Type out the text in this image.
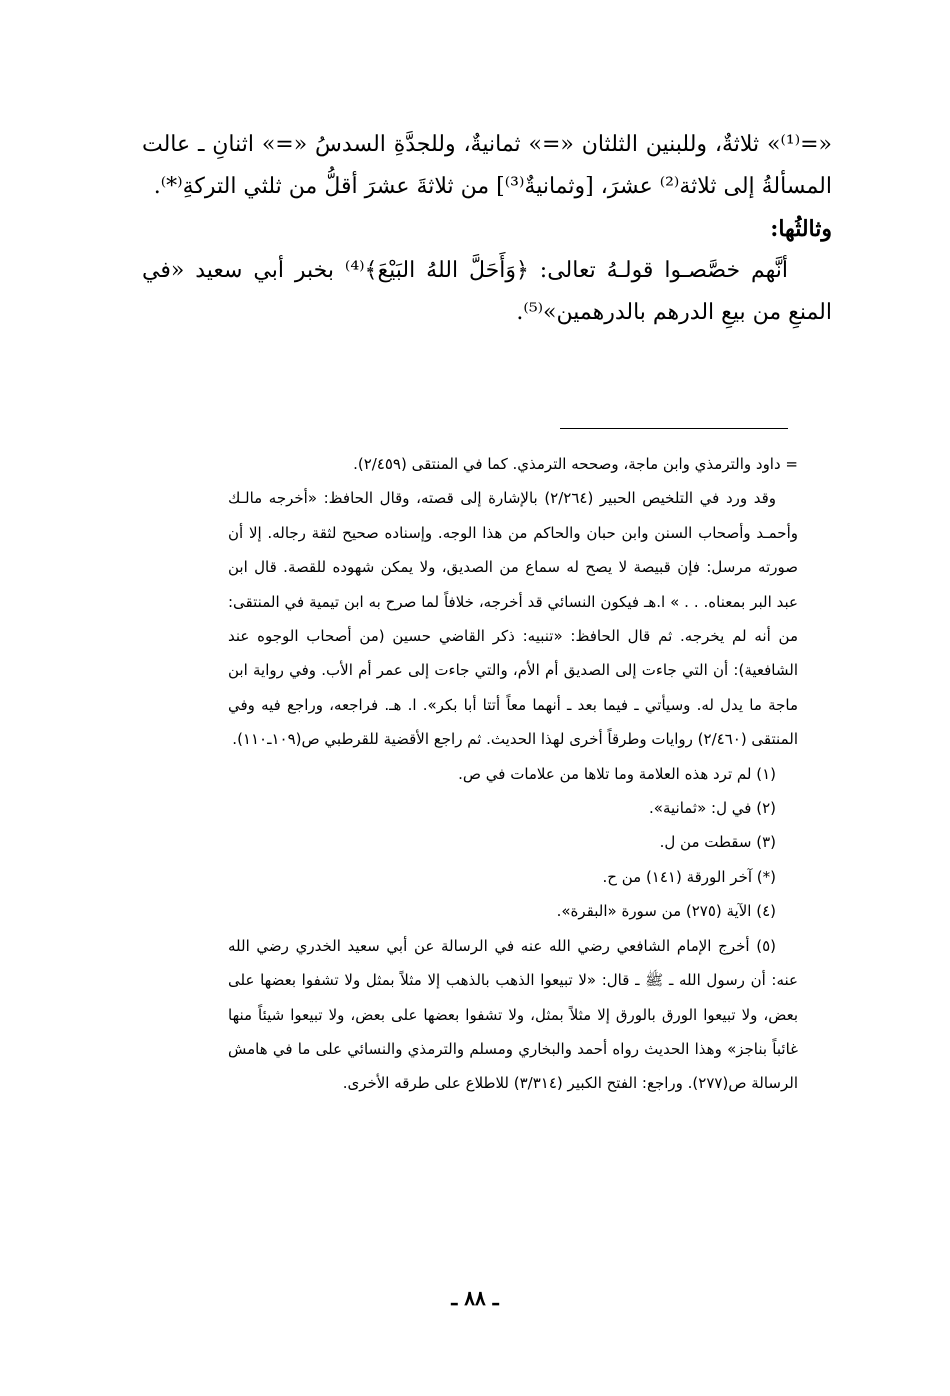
«=⁽¹⁾» ثلاثةٌ، وللبنين الثلثان «=» ثمانيةٌ، وللجدَّةِ السدسُ «=» اثنانِ ـ عالت المسألةُ إلى ثلاثة⁽²⁾ عشرَ، [وثمانيةٌ⁽³⁾] من ثلاثةَ عشرَ أقلُّ من ثلثي التركةِ⁽*⁾.

وثالثُها:

أنَّهم خصَّصـوا قولـهُ تعالى: ﴿وَأَحَلَّ اللهُ البَيْعَ﴾⁽⁴⁾ بخبر أبي سعيد «في المنعِ من بيعِ الدرهم بالدرهمين»⁽⁵⁾.

= داود والترمذي وابن ماجة، وصححه الترمذي. كما في المنتقى (٢/٤٥٩).

وقد ورد في التلخيص الحبير (٢/٢٦٤) بالإشارة إلى قصته، وقال الحافظ: «أخرجه مالـك وأحمـد وأصحاب السنن وابن حبان والحاكم من هذا الوجه. وإسناده صحيح لثقة رجاله. إلا أن صورته مرسل: فإن قبيصة لا يصح له سماع من الصديق، ولا يمكن شهوده للقصة. قال ابن عبد البر بمعناه. . . » ا.هـ فيكون النسائي قد أخرجه، خلافاً لما صرح به ابن تيمية في المنتقى: من أنه لم يخرجه. ثم قال الحافظ: «تنبيه: ذكر القاضي حسين (من أصحاب الوجوه عند الشافعية): أن التي جاءت إلى الصديق أم الأم، والتي جاءت إلى عمر أم الأب. وفي رواية ابن ماجة ما يدل له. وسيأتي ـ فيما بعد ـ أنهما معاً أتتا أبا بكر». ا. هـ. فراجعه، وراجع فيه وفي المنتقى (٢/٤٦٠) روايات وطرقاً أخرى لهذا الحديث. ثم راجع الأقضية للقرطبي ص(١٠٩ـ١١٠).

(١) لم ترد هذه العلامة وما تلاها من علامات في ص.

(٢) في ل: «ثمانية».

(٣) سقطت من ل.

(*) آخر الورقة (١٤١) من ح.

(٤) الآية (٢٧٥) من سورة «البقرة».

(٥) أخرج الإمام الشافعي رضي الله عنه في الرسالة عن أبي سعيد الخدري رضي الله عنه: أن رسول الله ـ ﷺ ـ قال: «لا تبيعوا الذهب بالذهب إلا مثلاً بمثل ولا تشفوا بعضها على بعض، ولا تبيعوا الورق بالورق إلا مثلاً بمثل، ولا تشفوا بعضها على بعض، ولا تبيعوا شيئاً منها غائباً بناجز» وهذا الحديث رواه أحمد والبخاري ومسلم والترمذي والنسائي على ما في هامش الرسالة ص(٢٧٧). وراجع: الفتح الكبير (٣/٣١٤) للاطلاع على طرقه الأخرى.

ـ ٨٨ ـ
